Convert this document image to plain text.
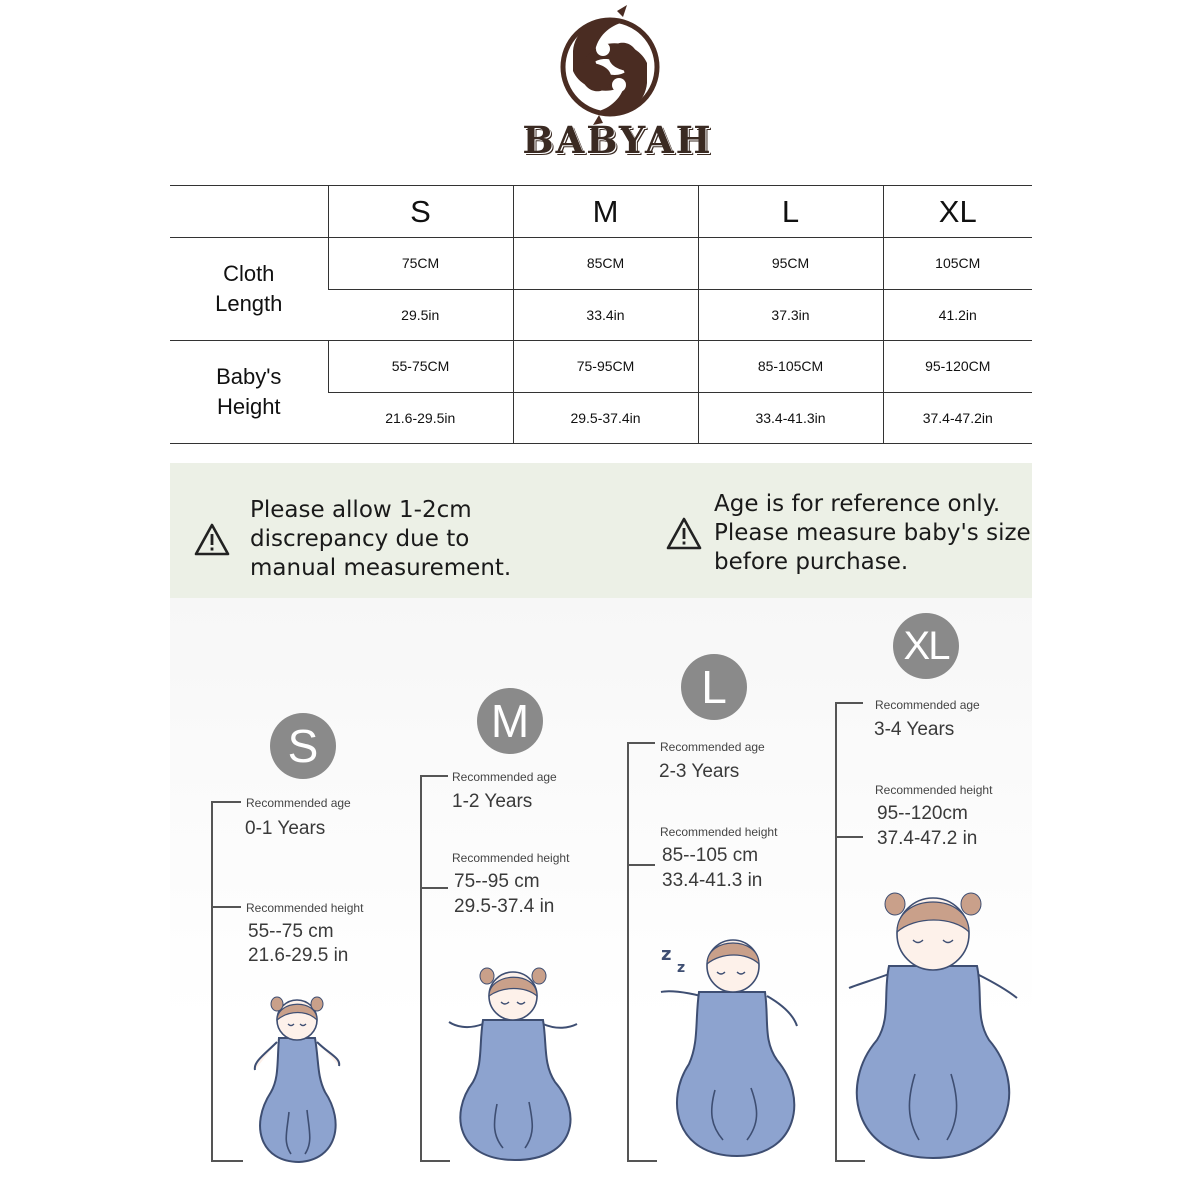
BABYAH
	S	M	L	XL
Cloth
Length	75CM	85CM	95CM	105CM
	29.5in	33.4in	37.3in	41.2in
Baby's
Height	55-75CM	75-95CM	85-105CM	95-120CM
	21.6-29.5in	29.5-37.4in	33.4-41.3in	37.4-47.2in
Please allow 1-2cm
discrepancy due to
manual measurement.
Age is for reference only.
Please measure baby's size
before purchase.
S
Recommended age
0-1 Years
Recommended height
55--75 cm
21.6-29.5 in
M
Recommended age
1-2 Years
Recommended height
75--95 cm
29.5-37.4 in
L
Recommended age
2-3 Years
Recommended height
85--105 cm
33.4-41.3 in
XL
Recommended age
3-4 Years
Recommended height
95--120cm
37.4-47.2 in
z
z
